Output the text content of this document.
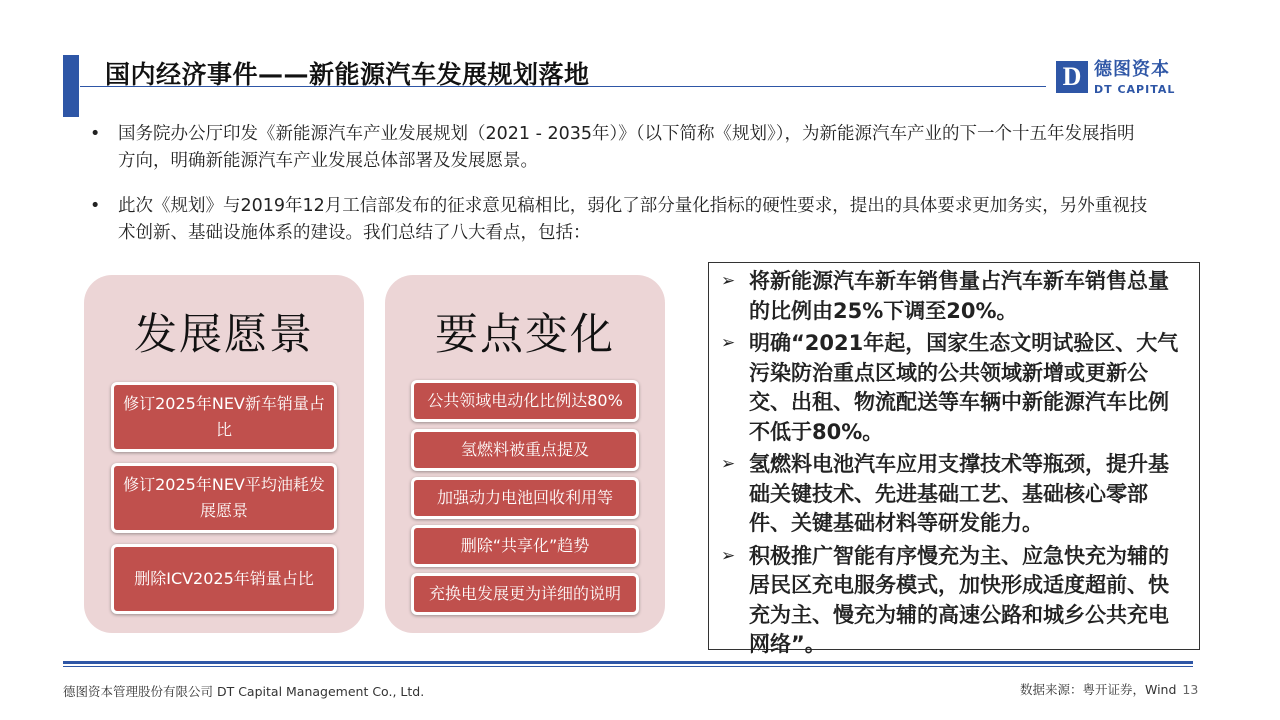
国内经济事件——新能源汽车发展规划落地	D 德图资本
DT CAPITAL
• 国务院办公厅印发《新能源汽车产业发展规划（2021 - 2035年）》（以下简称《规划》），为新能源汽车产业的下一个十五年发展指明方向，明确新能源汽车产业发展总体部署及发展愿景。
• 此次《规划》与2019年12月工信部发布的征求意见稿相比，弱化了部分量化指标的硬性要求，提出的具体要求更加务实，另外重视技术创新、基础设施体系的建设。我们总结了八大看点，包括：
发展愿景
修订2025年NEV新车销量占比
修订2025年NEV平均油耗发展愿景
删除ICV2025年销量占比
要点变化
公共领域电动化比例达80%
氢燃料被重点提及
加强动力电池回收利用等
删除“共享化”趋势
充换电发展更为详细的说明
➢ 将新能源汽车新车销售量占汽车新车销售总量的比例由25%下调至20%。
➢ 明确“2021年起，国家生态文明试验区、大气污染防治重点区域的公共领域新增或更新公交、出租、物流配送等车辆中新能源汽车比例不低于80%。
➢ 氢燃料电池汽车应用支撑技术等瓶颈，提升基础关键技术、先进基础工艺、基础核心零部件、关键基础材料等研发能力。
➢ 积极推广智能有序慢充为主、应急快充为辅的居民区充电服务模式，加快形成适度超前、快充为主、慢充为辅的高速公路和城乡公共充电网络”。
德图资本管理股份有限公司 DT Capital Management Co., Ltd.	数据来源：粤开证券，Wind 13
